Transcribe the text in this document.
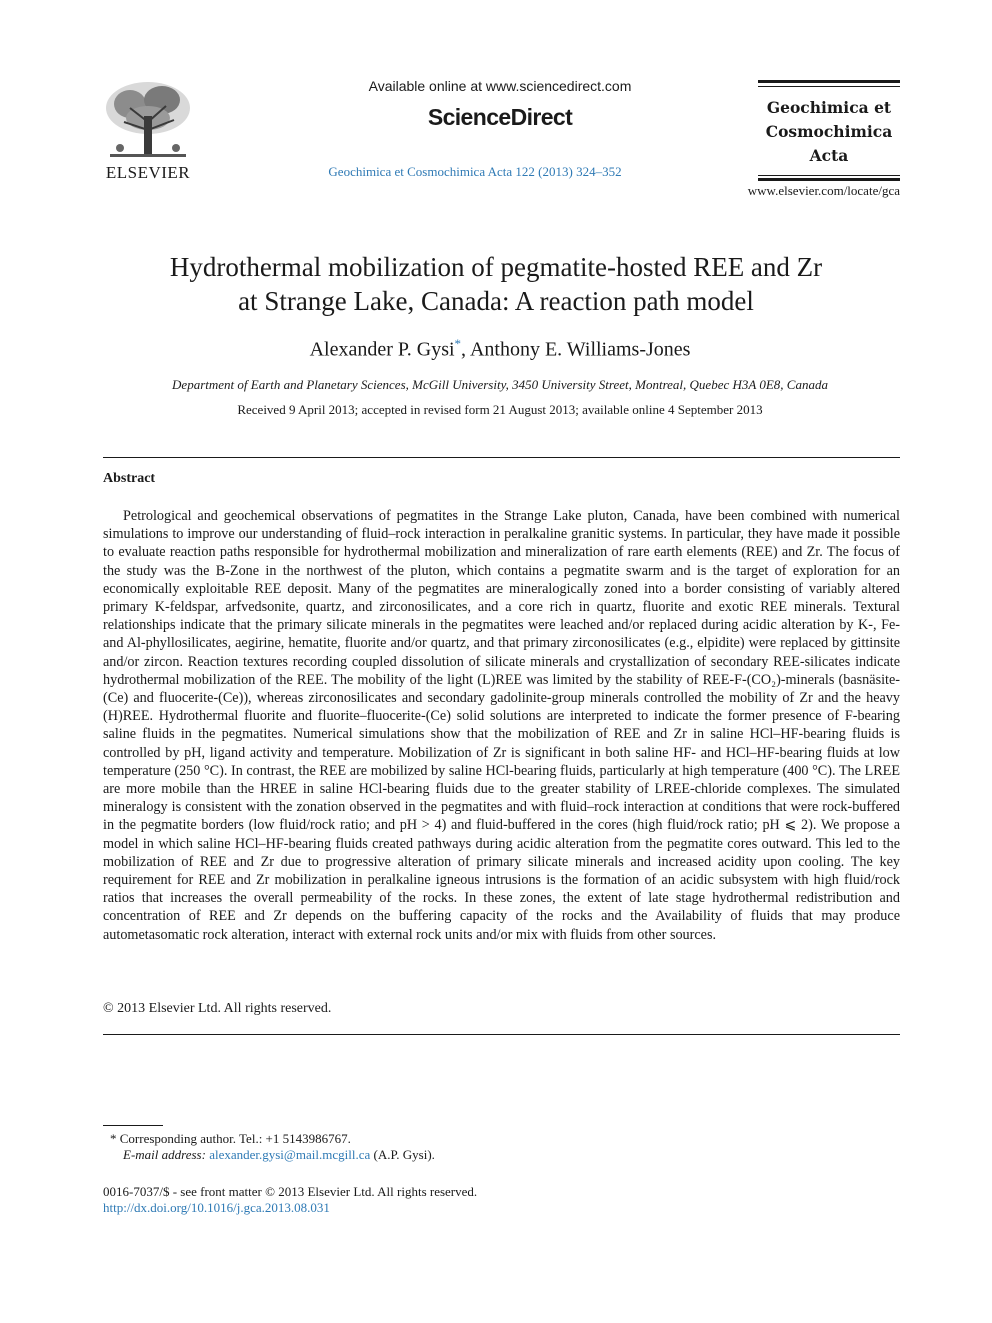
ELSEVIER
Available online at www.sciencedirect.com
ScienceDirect
Geochimica et Cosmochimica Acta 122 (2013) 324–352
Geochimica et
Cosmochimica
Acta
www.elsevier.com/locate/gca
Hydrothermal mobilization of pegmatite-hosted REE and Zr
at Strange Lake, Canada: A reaction path model
Alexander P. Gysi*, Anthony E. Williams-Jones
Department of Earth and Planetary Sciences, McGill University, 3450 University Street, Montreal, Quebec H3A 0E8, Canada
Received 9 April 2013; accepted in revised form 21 August 2013; available online 4 September 2013
Abstract
Petrological and geochemical observations of pegmatites in the Strange Lake pluton, Canada, have been combined with numerical simulations to improve our understanding of fluid–rock interaction in peralkaline granitic systems. In particular, they have made it possible to evaluate reaction paths responsible for hydrothermal mobilization and mineralization of rare earth elements (REE) and Zr. The focus of the study was the B-Zone in the northwest of the pluton, which contains a pegmatite swarm and is the target of exploration for an economically exploitable REE deposit. Many of the pegmatites are mineralogically zoned into a border consisting of variably altered primary K-feldspar, arfvedsonite, quartz, and zirconosilicates, and a core rich in quartz, fluorite and exotic REE minerals. Textural relationships indicate that the primary silicate minerals in the pegmatites were leached and/or replaced during acidic alteration by K-, Fe- and Al-phyllosilicates, aegirine, hematite, fluorite and/or quartz, and that primary zirconosilicates (e.g., elpidite) were replaced by gittinsite and/or zircon. Reaction textures recording coupled dissolution of silicate minerals and crystallization of secondary REE-silicates indicate hydrothermal mobilization of the REE. The mobility of the light (L)REE was limited by the stability of REE-F-(CO₂)-minerals (basnäsite-(Ce) and fluocerite-(Ce)), whereas zirconosilicates and secondary gadolinite-group minerals controlled the mobility of Zr and the heavy (H)REE. Hydrothermal fluorite and fluorite–fluocerite-(Ce) solid solutions are interpreted to indicate the former presence of F-bearing saline fluids in the pegmatites. Numerical simulations show that the mobilization of REE and Zr in saline HCl–HF-bearing fluids is controlled by pH, ligand activity and temperature. Mobilization of Zr is significant in both saline HF- and HCl–HF-bearing fluids at low temperature (250 °C). In contrast, the REE are mobilized by saline HCl-bearing fluids, particularly at high temperature (400 °C). The LREE are more mobile than the HREE in saline HCl-bearing fluids due to the greater stability of LREE-chloride complexes. The simulated mineralogy is consistent with the zonation observed in the pegmatites and with fluid–rock interaction at conditions that were rock-buffered in the pegmatite borders (low fluid/rock ratio; and pH > 4) and fluid-buffered in the cores (high fluid/rock ratio; pH ⩽ 2). We propose a model in which saline HCl–HF-bearing fluids created pathways during acidic alteration from the pegmatite cores outward. This led to the mobilization of REE and Zr due to progressive alteration of primary silicate minerals and increased acidity upon cooling. The key requirement for REE and Zr mobilization in peralkaline igneous intrusions is the formation of an acidic subsystem with high fluid/rock ratios that increases the overall permeability of the rocks. In these zones, the extent of late stage hydrothermal redistribution and concentration of REE and Zr depends on the buffering capacity of the rocks and the Availability of fluids that may produce autometasomatic rock alteration, interact with external rock units and/or mix with fluids from other sources.
© 2013 Elsevier Ltd. All rights reserved.
* Corresponding author. Tel.: +1 5143986767.
E-mail address: alexander.gysi@mail.mcgill.ca (A.P. Gysi).
0016-7037/$ - see front matter © 2013 Elsevier Ltd. All rights reserved.
http://dx.doi.org/10.1016/j.gca.2013.08.031
